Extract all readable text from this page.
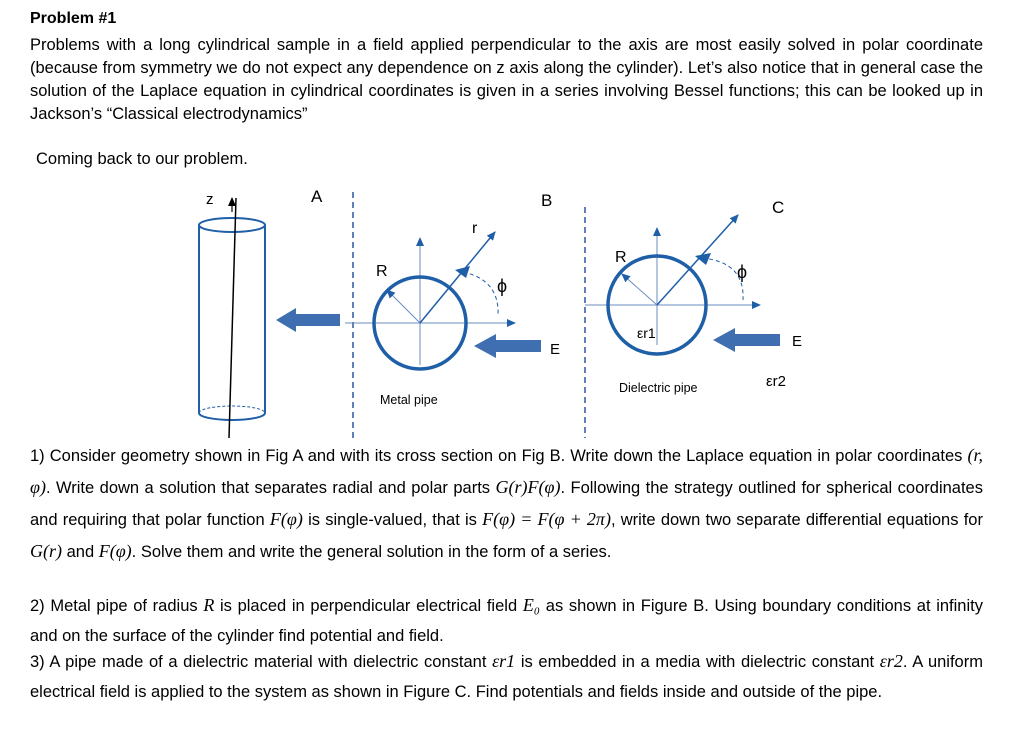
Problem #1
Problems with a long cylindrical sample in a field applied perpendicular to the axis are most easily solved in polar coordinate (because from symmetry we do not expect any dependence on z axis along the cylinder). Let’s also notice that in general case the solution of the Laplace equation in cylindrical coordinates is given in a series involving Bessel functions; this can be looked up in Jackson’s “Classical electrodynamics”
Coming back to our problem.
z	A
r
R
ϕ
B
E
Metal pipe
R
ϕ
εr1
C
E
εr2
Dielectric pipe
1) Consider geometry shown in Fig A and with its cross section on Fig B. Write down the Laplace equation in polar coordinates (r, φ). Write down a solution that separates radial and polar parts G(r)F(φ). Following the strategy outlined for spherical coordinates and requiring that polar function F(φ) is single-valued, that is F(φ) = F(φ + 2π), write down two separate differential equations for G(r) and F(φ). Solve them and write the general solution in the form of a series.
2) Metal pipe of radius R is placed in perpendicular electrical field E₀ as shown in Figure B. Using boundary conditions at infinity and on the surface of the cylinder find potential and field.
3) A pipe made of a dielectric material with dielectric constant εr1 is embedded in a media with dielectric constant εr2. A uniform electrical field is applied to the system as shown in Figure C. Find potentials and fields inside and outside of the pipe.
